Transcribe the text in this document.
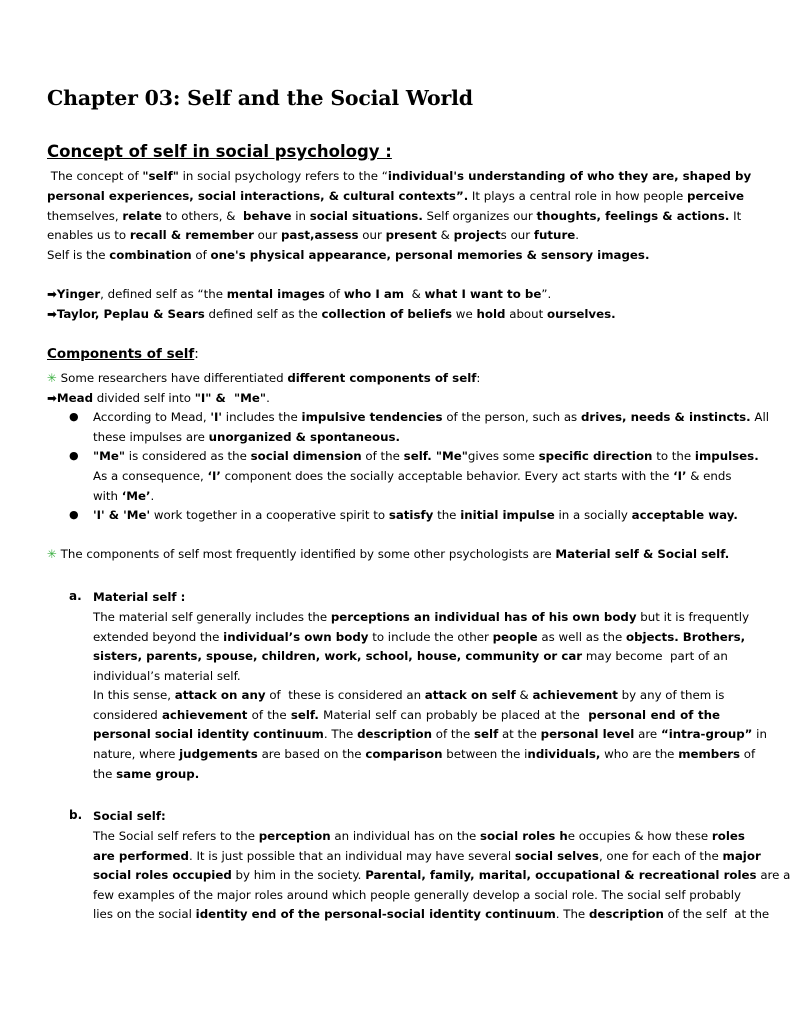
Chapter 03: Self and the Social World
Concept of self in social psychology :
The concept of "self" in social psychology refers to the “individual's understanding of who they are, shaped by
personal experiences, social interactions, & cultural contexts”. It plays a central role in how people perceive
themselves, relate to others, &  behave in social situations. Self organizes our thoughts, feelings & actions. It
enables us to recall & remember our past,assess our present & projects our future.
Self is the combination of one's physical appearance, personal memories & sensory images.
➡Yinger, defined self as “the mental images of who I am  & what I want to be”.
➡Taylor, Peplau & Sears defined self as the collection of beliefs we hold about ourselves.
Components of self:
✳ Some researchers have differentiated different components of self:
➡Mead divided self into "I" &  "Me".
● According to Mead, 'I' includes the impulsive tendencies of the person, such as drives, needs & instincts. All
these impulses are unorganized & spontaneous.
● "Me" is considered as the social dimension of the self. "Me"gives some specific direction to the impulses.
As a consequence, ‘I’ component does the socially acceptable behavior. Every act starts with the ‘I’ & ends
with ‘Me’.
● 'I' & 'Me' work together in a cooperative spirit to satisfy the initial impulse in a socially acceptable way.
✳ The components of self most frequently identified by some other psychologists are Material self & Social self.
a. Material self :
The material self generally includes the perceptions an individual has of his own body but it is frequently
extended beyond the individual’s own body to include the other people as well as the objects. Brothers,
sisters, parents, spouse, children, work, school, house, community or car may become  part of an
individual’s material self.
In this sense, attack on any of  these is considered an attack on self & achievement by any of them is
considered achievement of the self. Material self can probably be placed at the  personal end of the
personal social identity continuum. The description of the self at the personal level are “intra-group” in
nature, where judgements are based on the comparison between the individuals, who are the members of
the same group.
b. Social self:
The Social self refers to the perception an individual has on the social roles he occupies & how these roles
are performed. It is just possible that an individual may have several social selves, one for each of the major
social roles occupied by him in the society. Parental, family, marital, occupational & recreational roles are a
few examples of the major roles around which people generally develop a social role. The social self probably
lies on the social identity end of the personal-social identity continuum. The description of the self  at the
